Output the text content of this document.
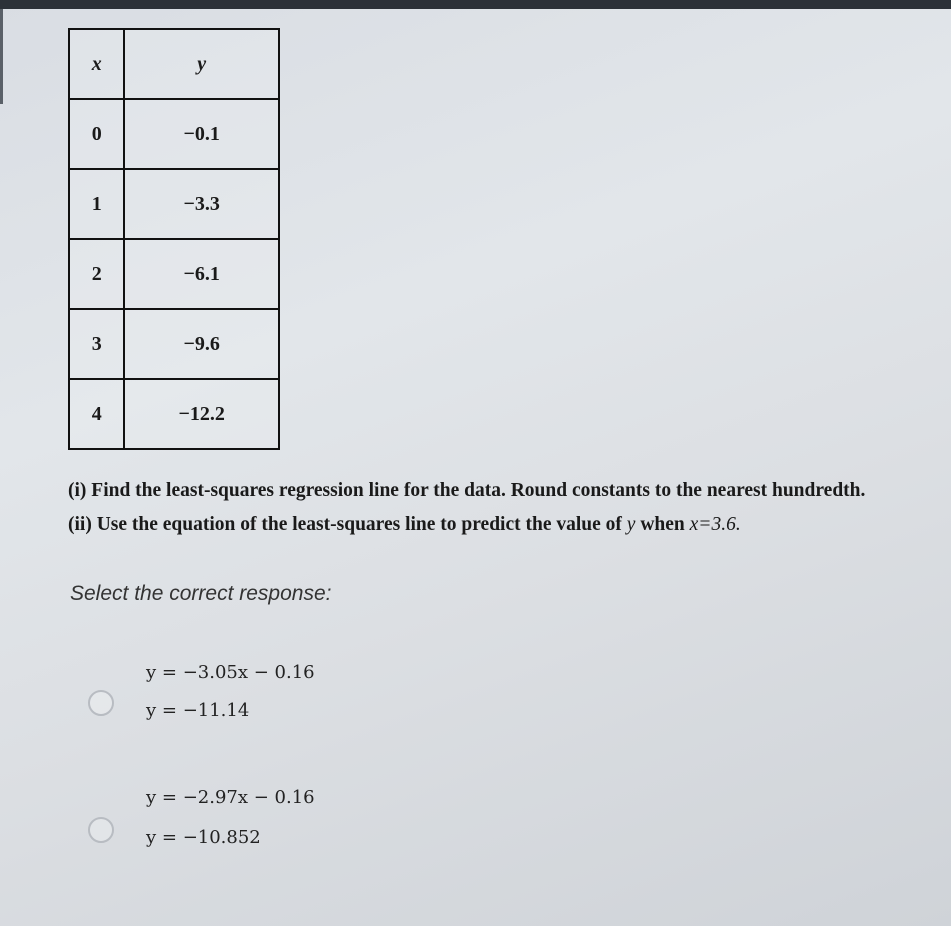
x	y
0	−0.1
1	−3.3
2	−6.1
3	−9.6
4	−12.2
(i) Find the least-squares regression line for the data. Round constants to the nearest hundredth.
(ii) Use the equation of the least-squares line to predict the value of y when x=3.6.
Select the correct response:
y = −3.05x − 0.16
y = −11.14
y = −2.97x − 0.16
y = −10.852
